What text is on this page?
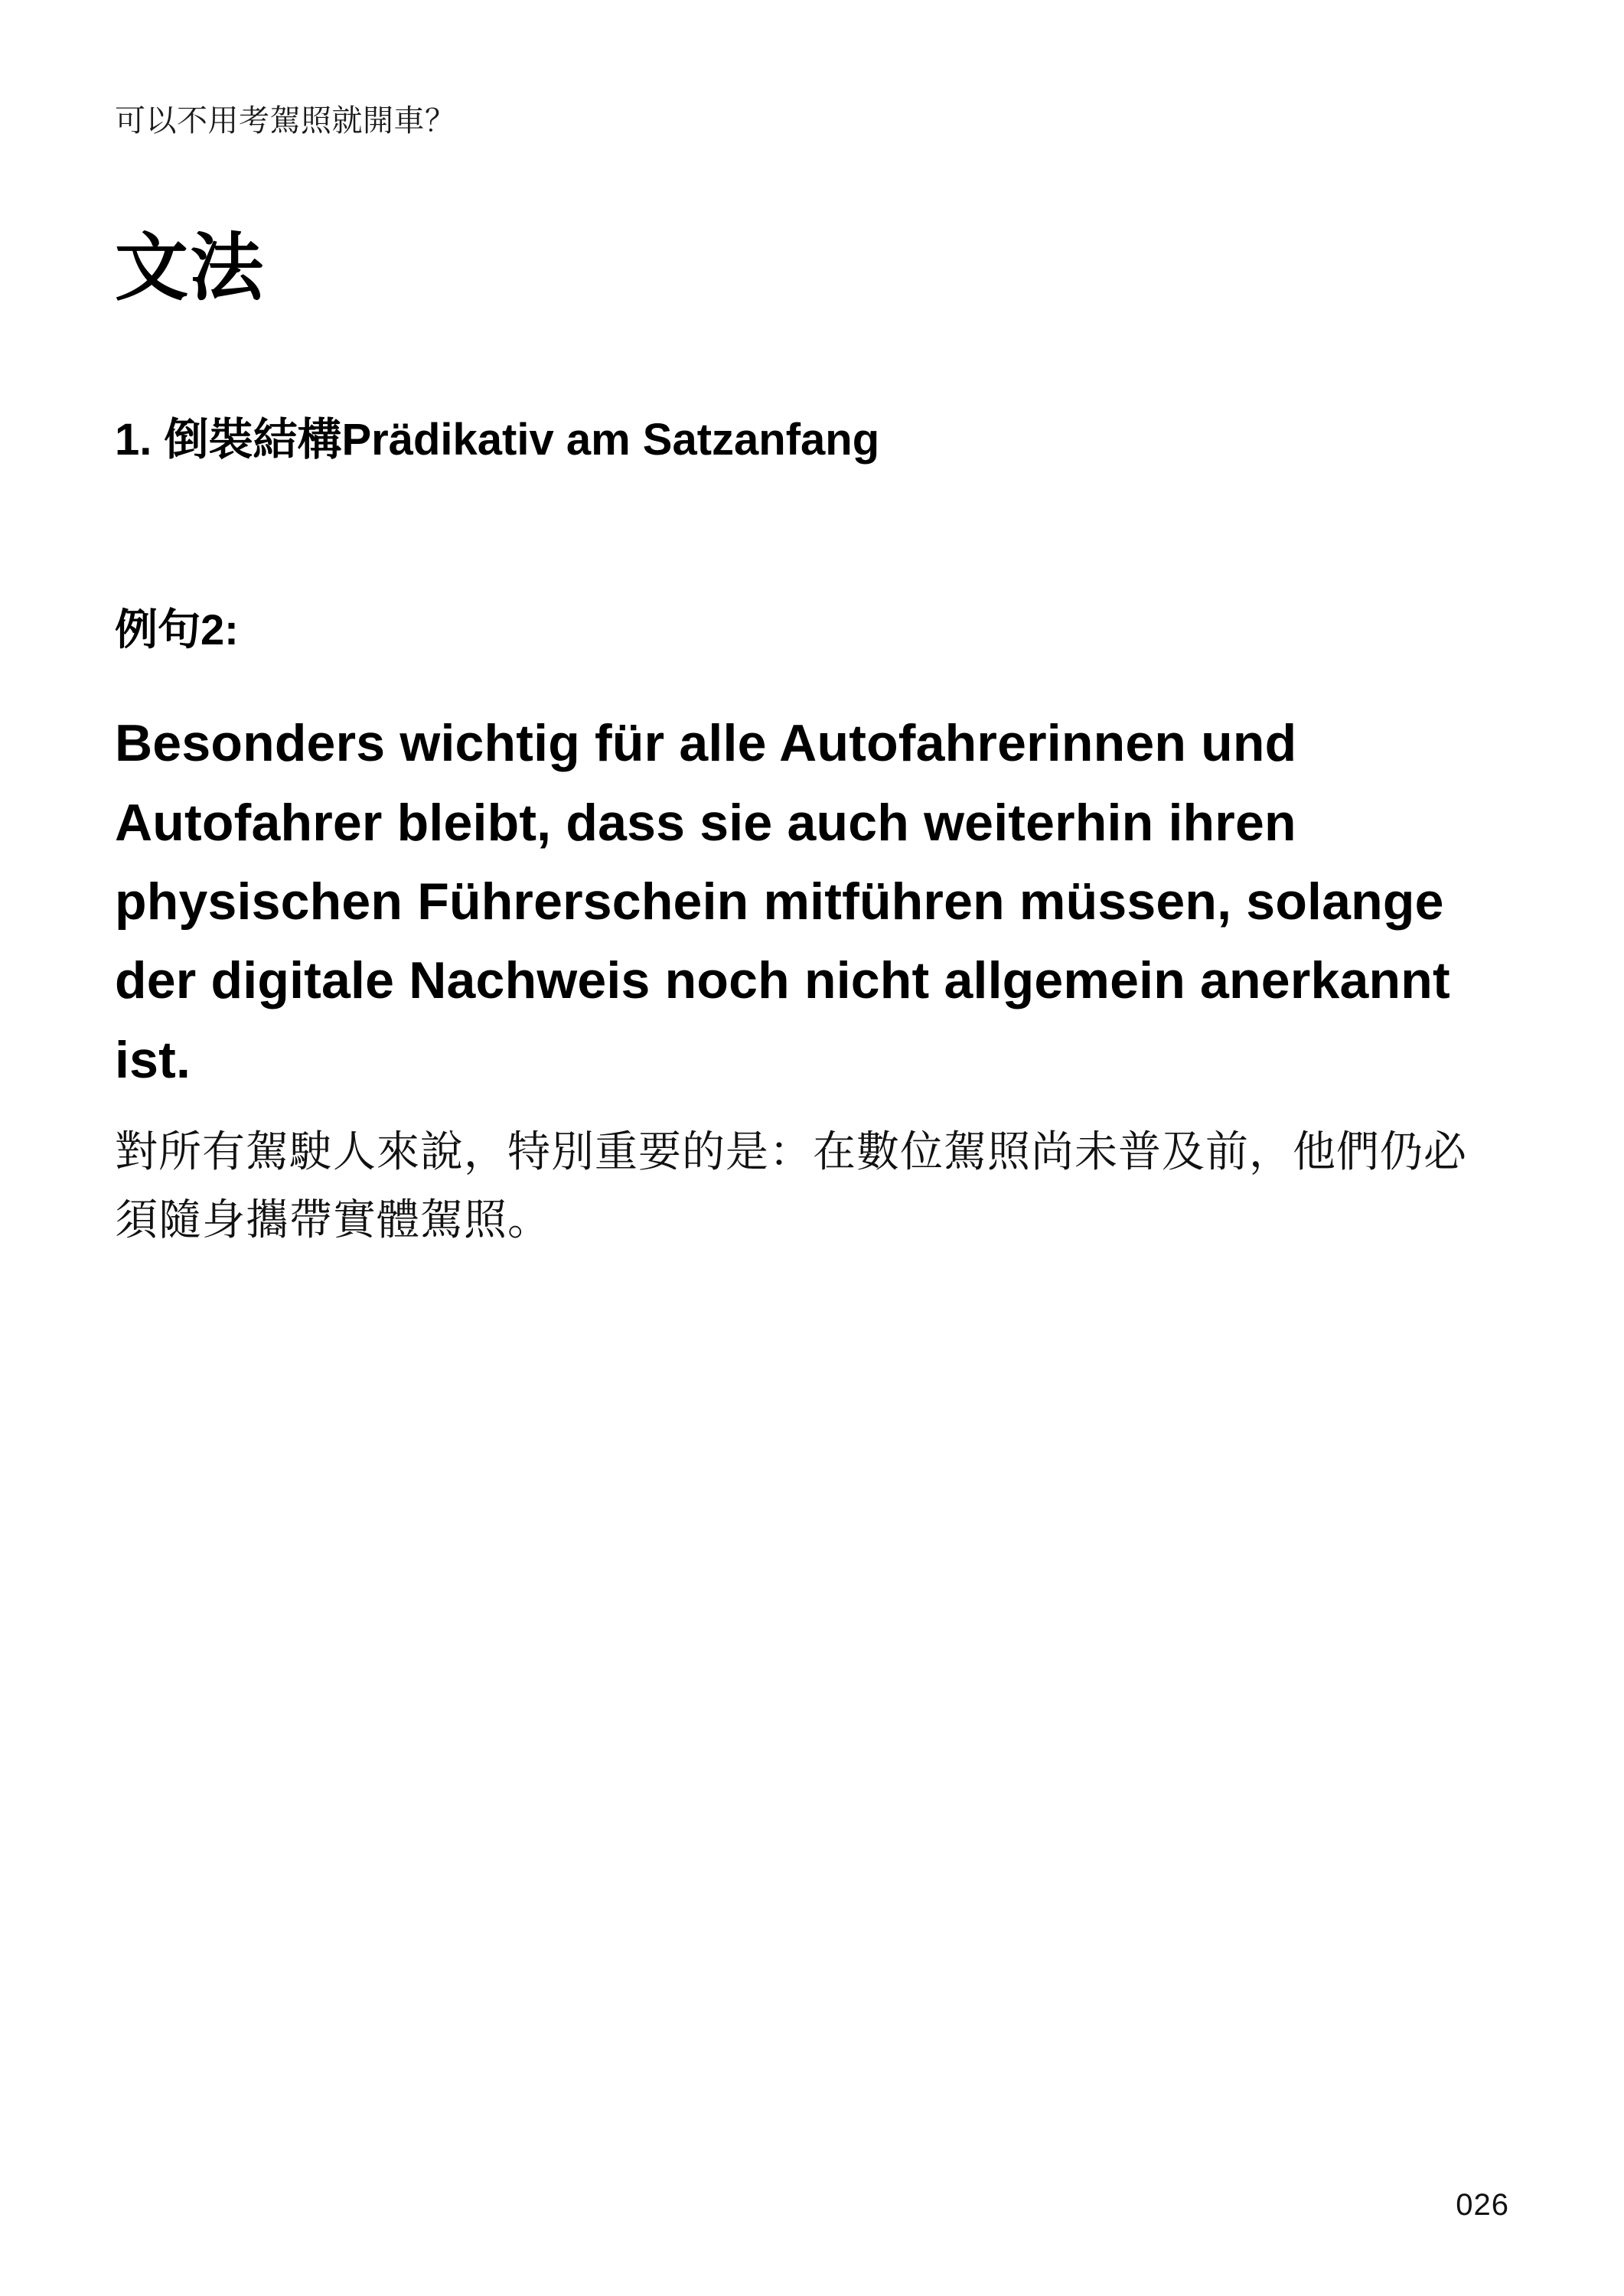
可以不用考駕照就開車？
文法
1. 倒裝結構Prädikativ am Satzanfang
例句2:

Besonders wichtig für alle Autofahrerinnen und Autofahrer bleibt, dass sie auch weiterhin ihren physischen Führerschein mitführen müssen, solange der digitale Nachweis noch nicht allgemein anerkannt ist.

對所有駕駛人來說，特別重要的是：在數位駕照尚未普及前，他們仍必須隨身攜帶實體駕照。

026
